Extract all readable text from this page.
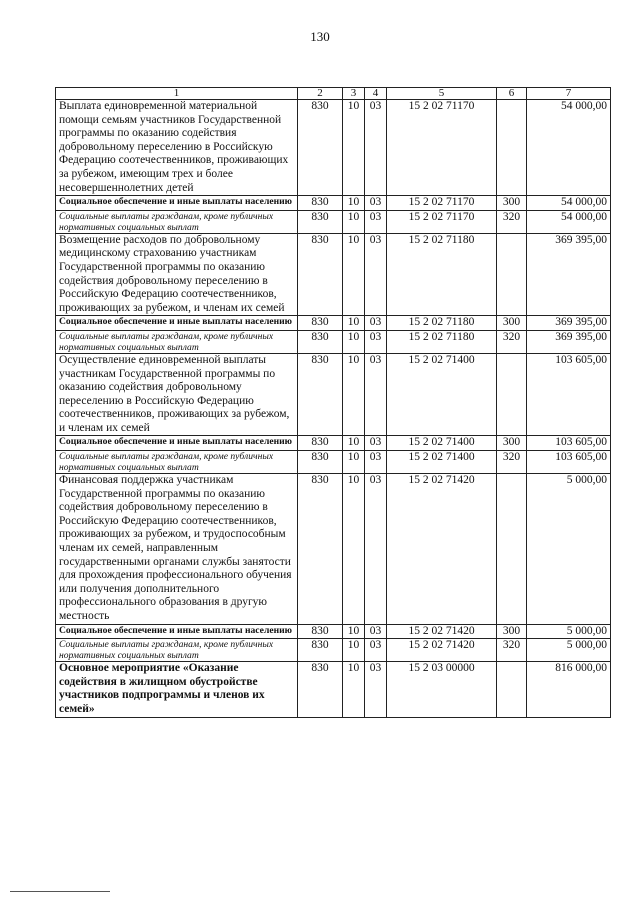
130
1	2	3	4	5	6	7
Выплата единовременной материальной помощи семьям участников Государственной программы по оказанию содействия добровольному переселению в Российскую Федерацию соотечественников, проживающих за рубежом, имеющим трех и более несовершеннолетних детей	830	10	03	15 2 02 71170		54 000,00
Социальное обеспечение и иные выплаты населению	830	10	03	15 2 02 71170	300	54 000,00
Социальные выплаты гражданам, кроме публичных нормативных социальных выплат	830	10	03	15 2 02 71170	320	54 000,00
Возмещение расходов по добровольному медицинскому страхованию участникам Государственной программы по оказанию содействия добровольному переселению в Российскую Федерацию соотечественников, проживающих за рубежом, и членам их семей	830	10	03	15 2 02 71180		369 395,00
Социальное обеспечение и иные выплаты населению	830	10	03	15 2 02 71180	300	369 395,00
Социальные выплаты гражданам, кроме публичных нормативных социальных выплат	830	10	03	15 2 02 71180	320	369 395,00
Осуществление единовременной выплаты участникам Государственной программы по оказанию содействия добровольному переселению в Российскую Федерацию соотечественников, проживающих за рубежом, и членам их семей	830	10	03	15 2 02 71400		103 605,00
Социальное обеспечение и иные выплаты населению	830	10	03	15 2 02 71400	300	103 605,00
Социальные выплаты гражданам, кроме публичных нормативных социальных выплат	830	10	03	15 2 02 71400	320	103 605,00
Финансовая поддержка участникам Государственной программы по оказанию содействия добровольному переселению в Российскую Федерацию соотечественников, проживающих за рубежом, и трудоспособным членам их семей, направленным государственными органами службы занятости для прохождения профессионального обучения или получения дополнительного профессионального образования в другую местность	830	10	03	15 2 02 71420		5 000,00
Социальное обеспечение и иные выплаты населению	830	10	03	15 2 02 71420	300	5 000,00
Социальные выплаты гражданам, кроме публичных нормативных социальных выплат	830	10	03	15 2 02 71420	320	5 000,00
Основное мероприятие «Оказание содействия в жилищном обустройстве участников подпрограммы и членов их семей»	830	10	03	15 2 03 00000		816 000,00
